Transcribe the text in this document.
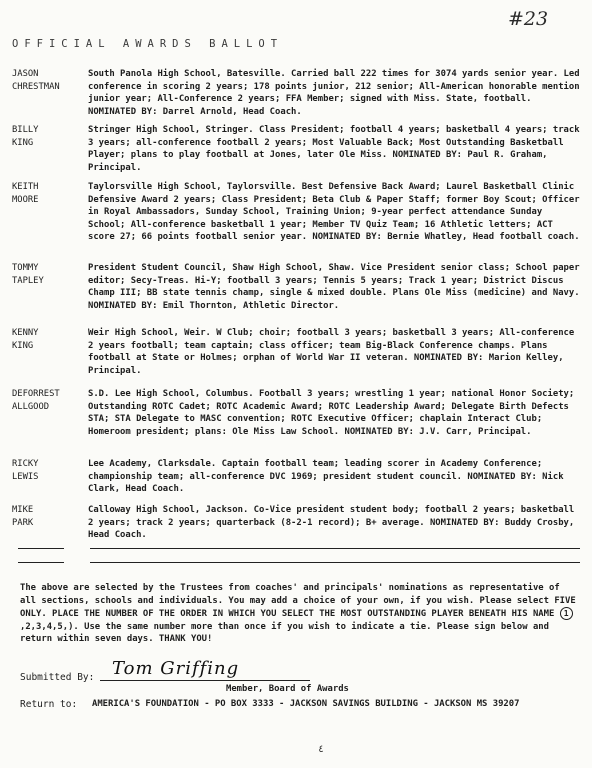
#23
OFFICIAL AWARDS BALLOT
JASON
CHRESTMAN
South Panola High School, Batesville. Carried ball 222 times for 3074 yards senior year. Led conference in scoring 2 years; 178 points junior, 212 senior; All-American honorable mention junior year; All-Conference 2 years; FFA Member; signed with Miss. State, football. NOMINATED BY: Darrel Arnold, Head Coach.
BILLY
KING
Stringer High School, Stringer. Class President; football 4 years; basketball 4 years; track 3 years; all-conference football 2 years; Most Valuable Back; Most Outstanding Basketball Player; plans to play football at Jones, later Ole Miss. NOMINATED BY: Paul R. Graham, Principal.
KEITH
MOORE
Taylorsville High School, Taylorsville. Best Defensive Back Award; Laurel Basketball Clinic Defensive Award 2 years; Class President; Beta Club & Paper Staff; former Boy Scout; Officer in Royal Ambassadors, Sunday School, Training Union; 9-year perfect attendance Sunday School; All-conference basketball 1 year; Member TV Quiz Team; 16 Athletic letters; ACT score 27; 66 points football senior year. NOMINATED BY: Bernie Whatley, Head football coach.
TOMMY
TAPLEY
President Student Council, Shaw High School, Shaw. Vice President senior class; School paper editor; Secy-Treas. Hi-Y; football 3 years; Tennis 5 years; Track 1 year; District Discus Champ III; BB state tennis champ, single & mixed double. Plans Ole Miss (medicine) and Navy. NOMINATED BY: Emil Thornton, Athletic Director.
KENNY
KING
Weir High School, Weir. W Club; choir; football 3 years; basketball 3 years; All-conference 2 years football; team captain; class officer; team Big-Black Conference champs. Plans football at State or Holmes; orphan of World War II veteran. NOMINATED BY: Marion Kelley, Principal.
DEFORREST
ALLGOOD
S.D. Lee High School, Columbus. Football 3 years; wrestling 1 year; national Honor Society; Outstanding ROTC Cadet; ROTC Academic Award; ROTC Leadership Award; Delegate Birth Defects STA; STA Delegate to MASC convention; ROTC Executive Officer; chaplain Interact Club; Homeroom president; plans: Ole Miss Law School. NOMINATED BY: J.V. Carr, Principal.
RICKY
LEWIS
Lee Academy, Clarksdale. Captain football team; leading scorer in Academy Conference; championship team; all-conference DVC 1969; president student council. NOMINATED BY: Nick Clark, Head Coach.
MIKE
PARK
Calloway High School, Jackson. Co-Vice president student body; football 2 years; basketball 2 years; track 2 years; quarterback (8-2-1 record); B+ average. NOMINATED BY: Buddy Crosby, Head Coach.
The above are selected by the Trustees from coaches' and principals' nominations as representative of all sections, schools and individuals. You may add a choice of your own, if you wish. Please select FIVE ONLY. PLACE THE NUMBER OF THE ORDER IN WHICH YOU SELECT THE MOST OUTSTANDING PLAYER BENEATH HIS NAME 1,2,3,4,5,). Use the same number more than once if you wish to indicate a tie. Please sign below and return within seven days. THANK YOU!
Submitted By: Tom Griffing
Member, Board of Awards
Return to: AMERICA'S FOUNDATION - PO BOX 3333 - JACKSON SAVINGS BUILDING - JACKSON MS 39207
٤
